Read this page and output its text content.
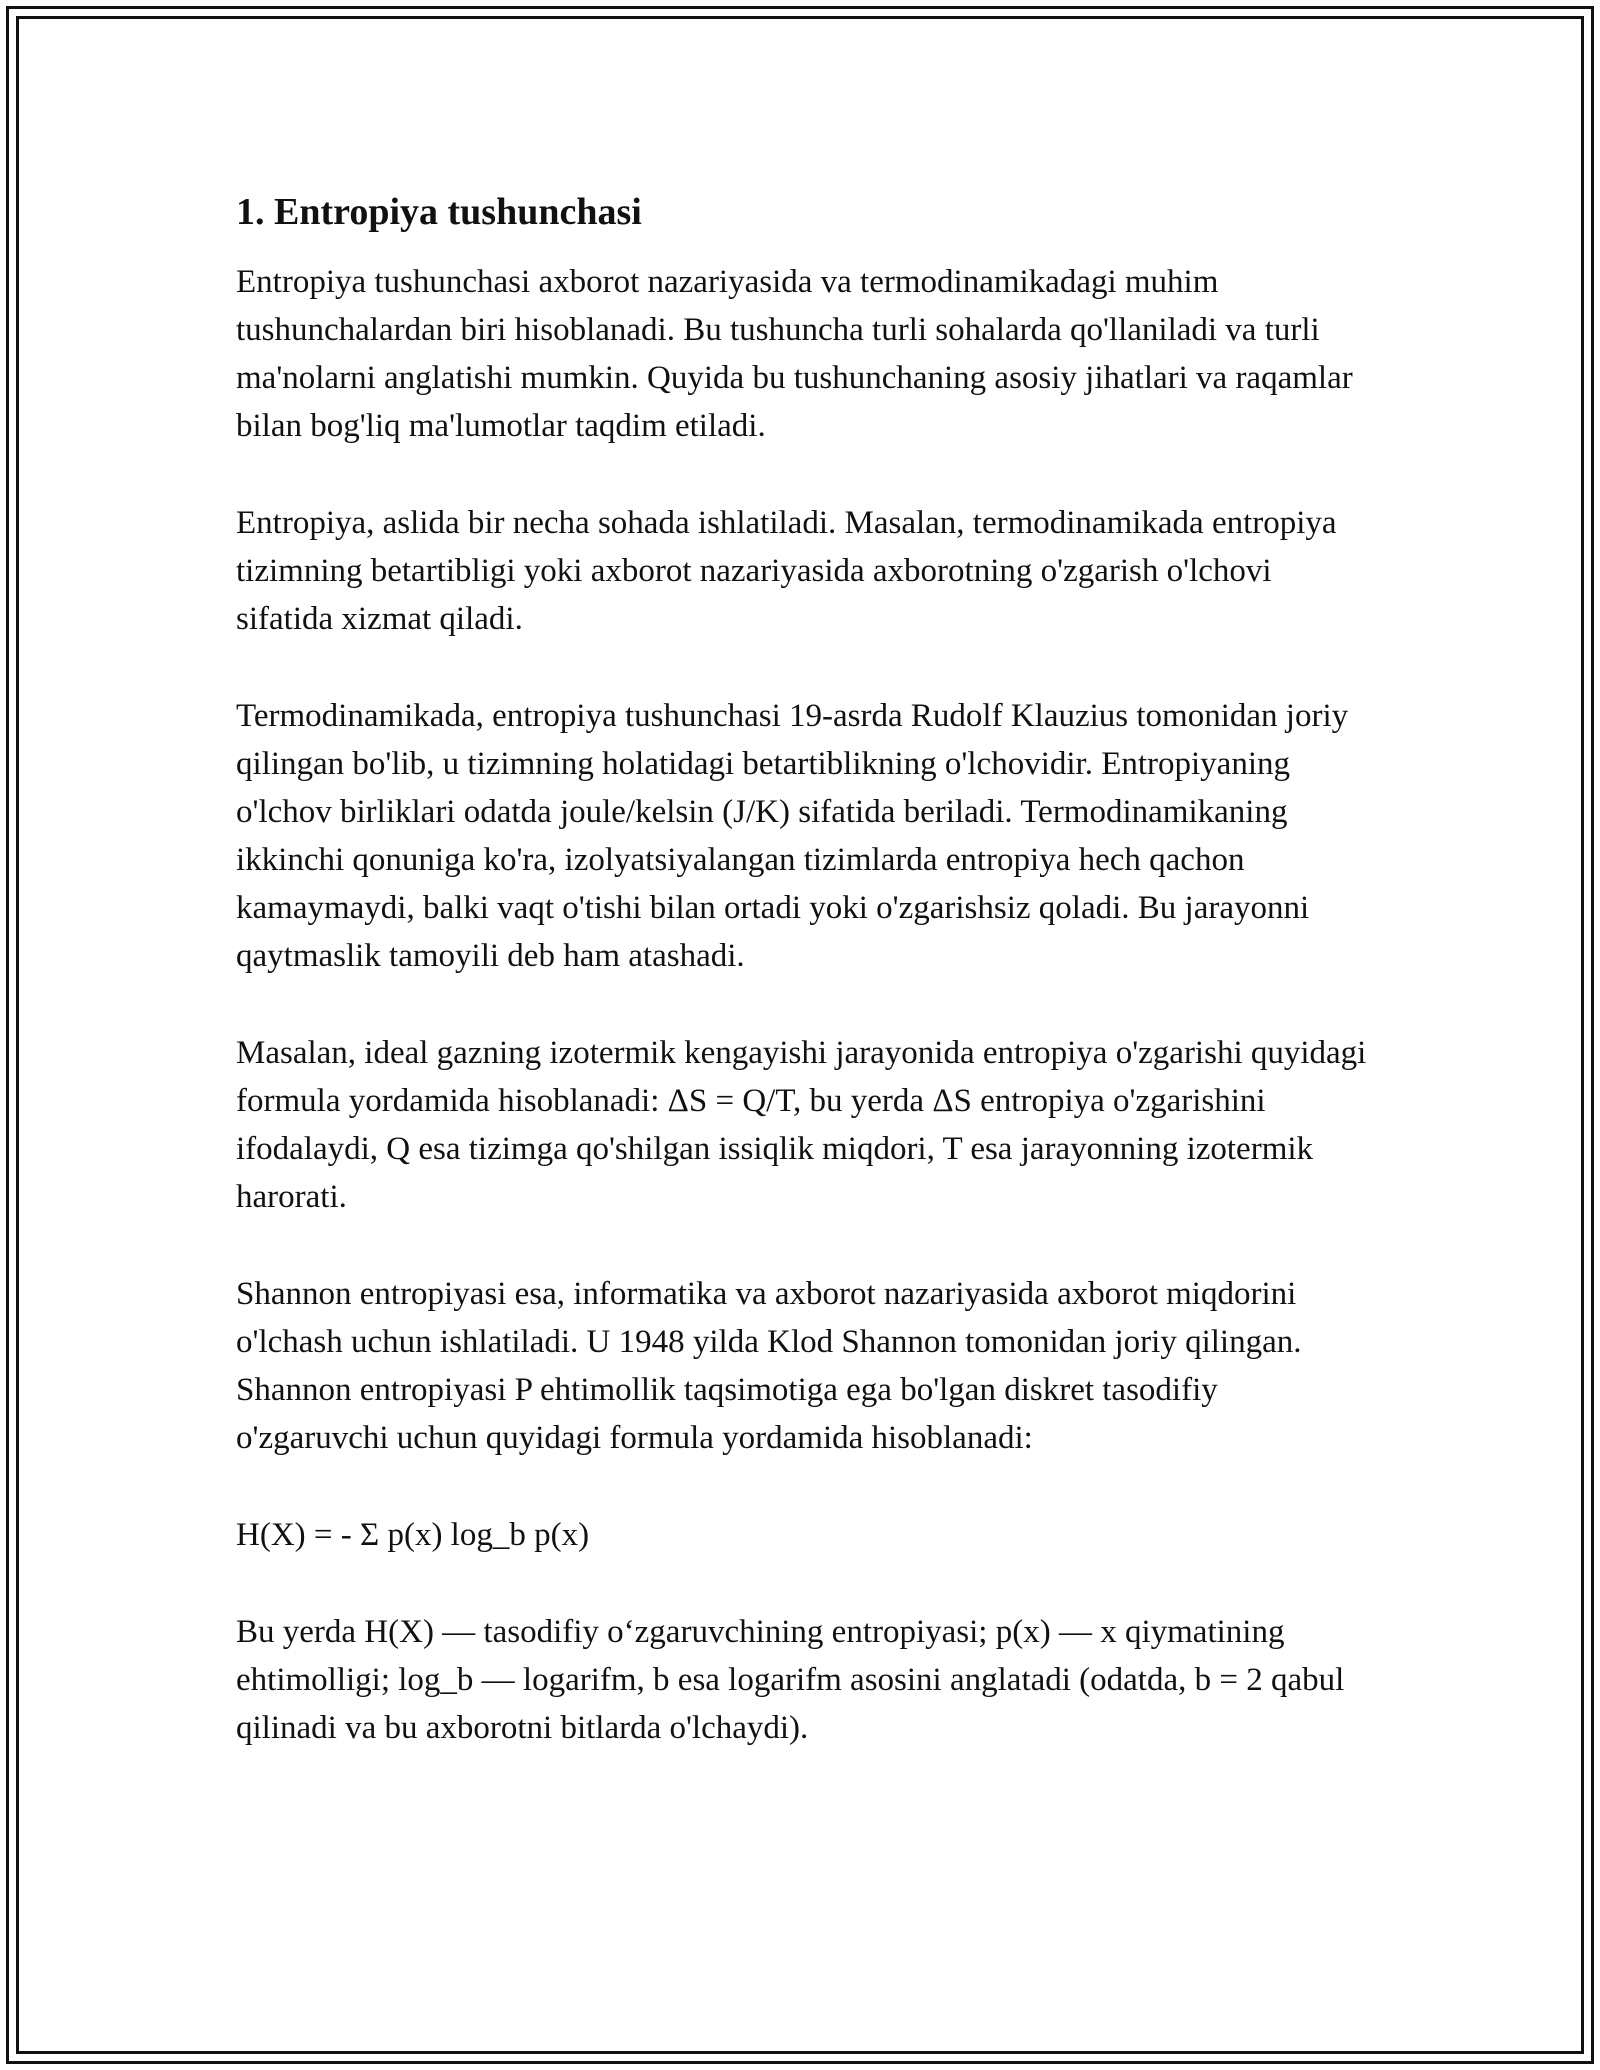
1. Entropiya tushunchasi

Entropiya tushunchasi axborot nazariyasida va termodinamikadagi muhim tushunchalardan biri hisoblanadi. Bu tushuncha turli sohalarda qo'llaniladi va turli ma'nolarni anglatishi mumkin. Quyida bu tushunchaning asosiy jihatlari va raqamlar bilan bog'liq ma'lumotlar taqdim etiladi.

Entropiya, aslida bir necha sohada ishlatiladi. Masalan, termodinamikada entropiya tizimning betartibligi yoki axborot nazariyasida axborotning o'zgarish o'lchovi sifatida xizmat qiladi.

Termodinamikada, entropiya tushunchasi 19-asrda Rudolf Klauzius tomonidan joriy qilingan bo'lib, u tizimning holatidagi betartiblikning o'lchovidir. Entropiyaning o'lchov birliklari odatda joule/kelsin (J/K) sifatida beriladi. Termodinamikaning ikkinchi qonuniga ko'ra, izolyatsiyalangan tizimlarda entropiya hech qachon kamaymaydi, balki vaqt o'tishi bilan ortadi yoki o'zgarishsiz qoladi. Bu jarayonni qaytmaslik tamoyili deb ham atashadi.

Masalan, ideal gazning izotermik kengayishi jarayonida entropiya o'zgarishi quyidagi formula yordamida hisoblanadi: ΔS = Q/T, bu yerda ΔS entropiya o'zgarishini ifodalaydi, Q esa tizimga qo'shilgan issiqlik miqdori, T esa jarayonning izotermik harorati.

Shannon entropiyasi esa, informatika va axborot nazariyasida axborot miqdorini o'lchash uchun ishlatiladi. U 1948 yilda Klod Shannon tomonidan joriy qilingan. Shannon entropiyasi P ehtimollik taqsimotiga ega bo'lgan diskret tasodifiy o'zgaruvchi uchun quyidagi formula yordamida hisoblanadi:

H(X) = - Σ p(x) log_b p(x)

Bu yerda H(X) — tasodifiy o‘zgaruvchining entropiyasi; p(x) — x qiymatining ehtimolligi; log_b — logarifm, b esa logarifm asosini anglatadi (odatda, b = 2 qabul qilinadi va bu axborotni bitlarda o'lchaydi).
